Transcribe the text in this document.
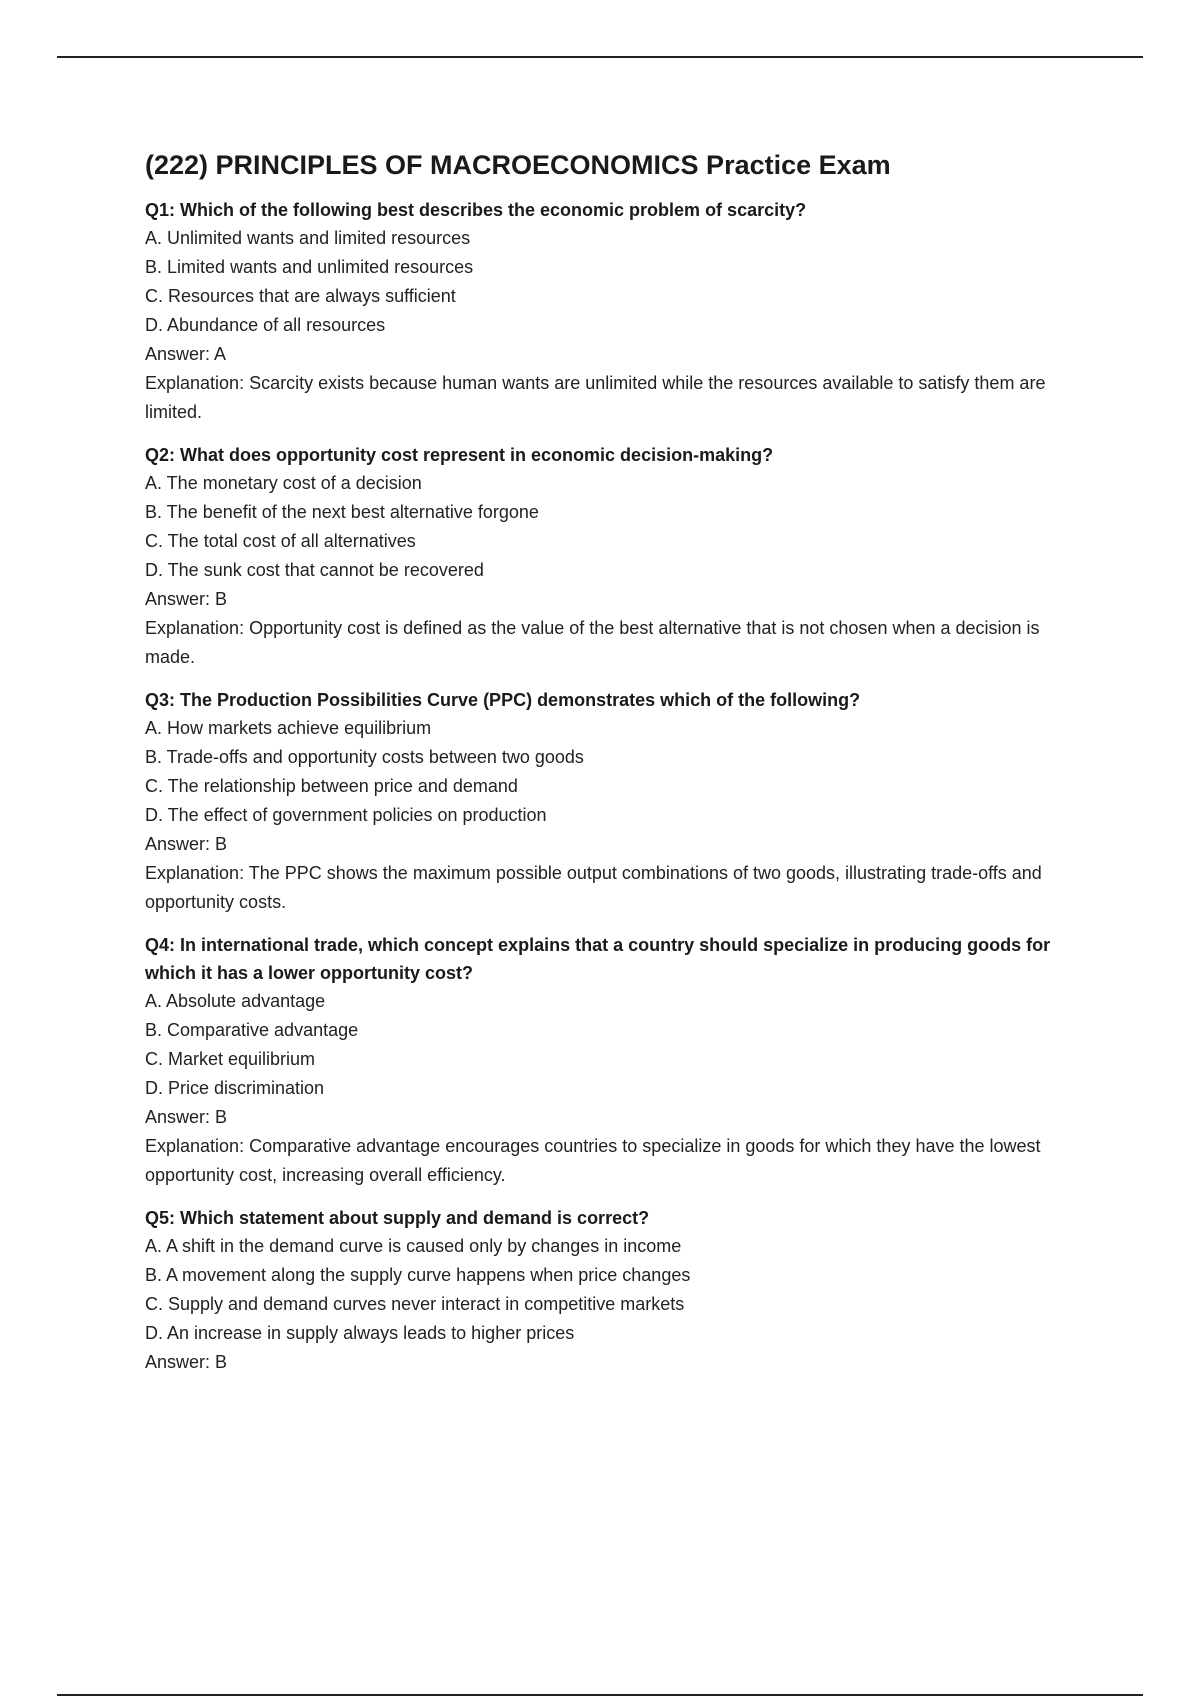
(222) PRINCIPLES OF MACROECONOMICS Practice Exam

Q1: Which of the following best describes the economic problem of scarcity?

A. Unlimited wants and limited resources

B. Limited wants and unlimited resources

C. Resources that are always sufficient

D. Abundance of all resources

Answer: A

Explanation: Scarcity exists because human wants are unlimited while the resources available to satisfy them are limited.

Q2: What does opportunity cost represent in economic decision-making?

A. The monetary cost of a decision

B. The benefit of the next best alternative forgone

C. The total cost of all alternatives

D. The sunk cost that cannot be recovered

Answer: B

Explanation: Opportunity cost is defined as the value of the best alternative that is not chosen when a decision is made.

Q3: The Production Possibilities Curve (PPC) demonstrates which of the following?

A. How markets achieve equilibrium

B. Trade-offs and opportunity costs between two goods

C. The relationship between price and demand

D. The effect of government policies on production

Answer: B

Explanation: The PPC shows the maximum possible output combinations of two goods, illustrating trade-offs and opportunity costs.

Q4: In international trade, which concept explains that a country should specialize in producing goods for which it has a lower opportunity cost?

A. Absolute advantage

B. Comparative advantage

C. Market equilibrium

D. Price discrimination

Answer: B

Explanation: Comparative advantage encourages countries to specialize in goods for which they have the lowest opportunity cost, increasing overall efficiency.

Q5: Which statement about supply and demand is correct?

A. A shift in the demand curve is caused only by changes in income

B. A movement along the supply curve happens when price changes

C. Supply and demand curves never interact in competitive markets

D. An increase in supply always leads to higher prices

Answer: B
